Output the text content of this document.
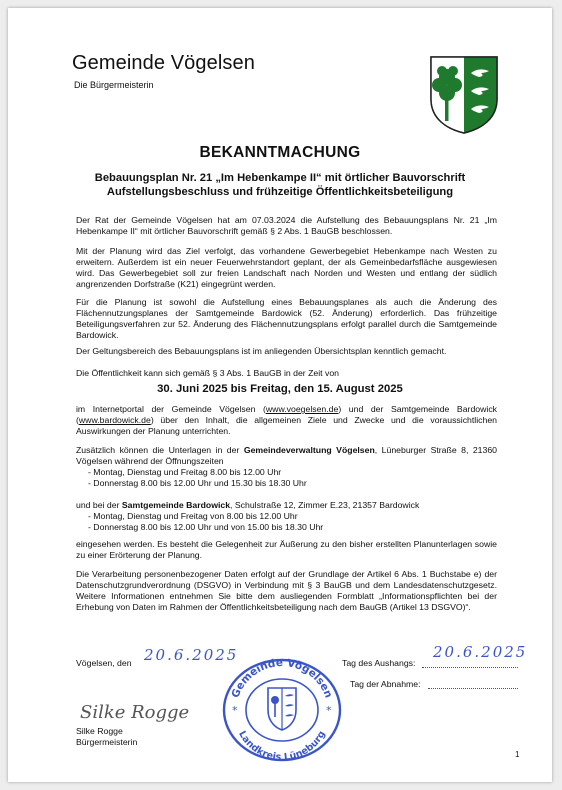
Gemeinde Vögelsen
Die Bürgermeisterin
BEKANNTMACHUNG
Bebauungsplan Nr. 21 „Im Hebenkampe II“ mit örtlicher Bauvorschrift
Aufstellungsbeschluss und frühzeitige Öffentlichkeitsbeteiligung
Der Rat der Gemeinde Vögelsen hat am 07.03.2024 die Aufstellung des Bebauungsplans Nr. 21 „Im Hebenkampe II“ mit örtlicher Bauvorschrift gemäß § 2 Abs. 1 BauGB beschlossen.
Mit der Planung wird das Ziel verfolgt, das vorhandene Gewerbegebiet Hebenkampe nach Westen zu erweitern. Außerdem ist ein neuer Feuerwehrstandort geplant, der als Gemeinbedarfsfläche ausgewiesen wird. Das Gewerbegebiet soll zur freien Landschaft nach Norden und Westen und entlang der südlich angrenzenden Dorfstraße (K21) eingegrünt werden.
Für die Planung ist sowohl die Aufstellung eines Bebauungsplanes als auch die Änderung des Flächennutzungsplanes der Samtgemeinde Bardowick (52. Änderung) erforderlich. Das frühzeitige Beteiligungsverfahren zur 52. Änderung des Flächennutzungsplans erfolgt parallel durch die Samtgemeinde Bardowick.
Der Geltungsbereich des Bebauungsplans ist im anliegenden Übersichtsplan kenntlich gemacht.
Die Öffentlichkeit kann sich gemäß § 3 Abs. 1 BauGB in der Zeit von
30. Juni 2025 bis Freitag, den 15. August 2025
im Internetportal der Gemeinde Vögelsen (www.voegelsen.de) und der Samtgemeinde Bardowick (www.bardowick.de) über den Inhalt, die allgemeinen Ziele und Zwecke und die voraussichtlichen Auswirkungen der Planung unterrichten.
Zusätzlich können die Unterlagen in der Gemeindeverwaltung Vögelsen, Lüneburger Straße 8, 21360 Vögelsen während der Öffnungszeiten
- Montag, Dienstag und Freitag 8.00 bis 12.00 Uhr
- Donnerstag 8.00 bis 12.00 Uhr und 15.30 bis 18.30 Uhr
und bei der Samtgemeinde Bardowick, Schulstraße 12, Zimmer E.23, 21357 Bardowick
- Montag, Dienstag und Freitag von 8.00 bis 12.00 Uhr
- Donnerstag 8.00 bis 12.00 Uhr und von 15.00 bis 18.30 Uhr
eingesehen werden. Es besteht die Gelegenheit zur Äußerung zu den bisher erstellten Planunterlagen sowie zu einer Erörterung der Planung.
Die Verarbeitung personenbezogener Daten erfolgt auf der Grundlage der Artikel 6 Abs. 1 Buchstabe e) der Datenschutzgrundverordnung (DSGVO) in Verbindung mit § 3 BauGB und dem Landesdatenschutzgesetz. Weitere Informationen entnehmen Sie bitte dem ausliegenden Formblatt „Informationspflichten bei der Erhebung von Daten im Rahmen der Öffentlichkeitsbeteiligung nach dem BauGB (Artikel 13 DSGVO)“.
Vögelsen, den 20.6.2025	Tag des Aushangs:
20.6.2025
Tag der Abnahme:
Silke Rogge
Silke Rogge
Bürgermeisterin
Gemeinde Vögelsen
Landkreis Lüneburg
*	*
1
